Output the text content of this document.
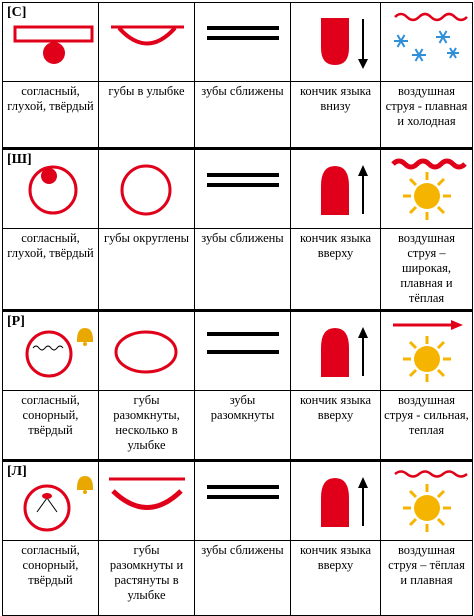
[С]

согласный, глухой, твёрдый	губы в улыбке	зубы сближены	кончик языка внизу	воздушная струя - плавная и холодная

[Ш]

согласный, глухой, твёрдый	губы округлены	зубы сближены	кончик языка вверху	воздушная струя – широкая, плавная и тёплая

[Р]

согласный, сонорный, твёрдый	губы разомкнуты, несколько в улыбке	зубы разомкнуты	кончик языка вверху	воздушная струя - сильная, теплая

[Л]

согласный, сонорный, твёрдый	губы разомкнуты и растянуты в улыбке	зубы сближены	кончик языка вверху	воздушная струя – тёплая и плавная
